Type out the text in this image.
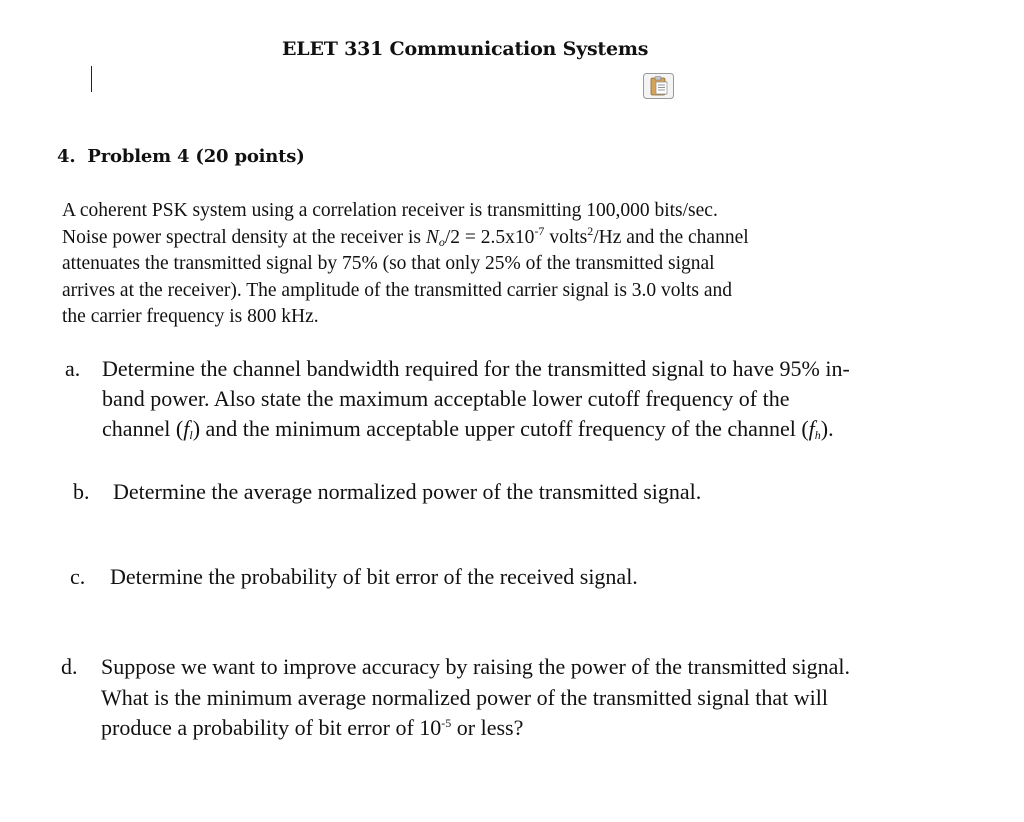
ELET 331 Communication Systems
4. Problem 4 (20 points)
A coherent PSK system using a correlation receiver is transmitting 100,000 bits/sec.
Noise power spectral density at the receiver is $N_o/2 = 2.5x10^{-7}$ volts$^2$/Hz and the channel
attenuates the transmitted signal by 75% (so that only 25% of the transmitted signal
arrives at the receiver). The amplitude of the transmitted carrier signal is 3.0 volts and
the carrier frequency is 800 kHz.
a. Determine the channel bandwidth required for the transmitted signal to have 95% in-
band power. Also state the maximum acceptable lower cutoff frequency of the
channel $(f_l)$ and the minimum acceptable upper cutoff frequency of the channel $(f_h)$.
b. Determine the average normalized power of the transmitted signal.
c. Determine the probability of bit error of the received signal.
d. Suppose we want to improve accuracy by raising the power of the transmitted signal.
What is the minimum average normalized power of the transmitted signal that will
produce a probability of bit error of $10^{-5}$ or less?
